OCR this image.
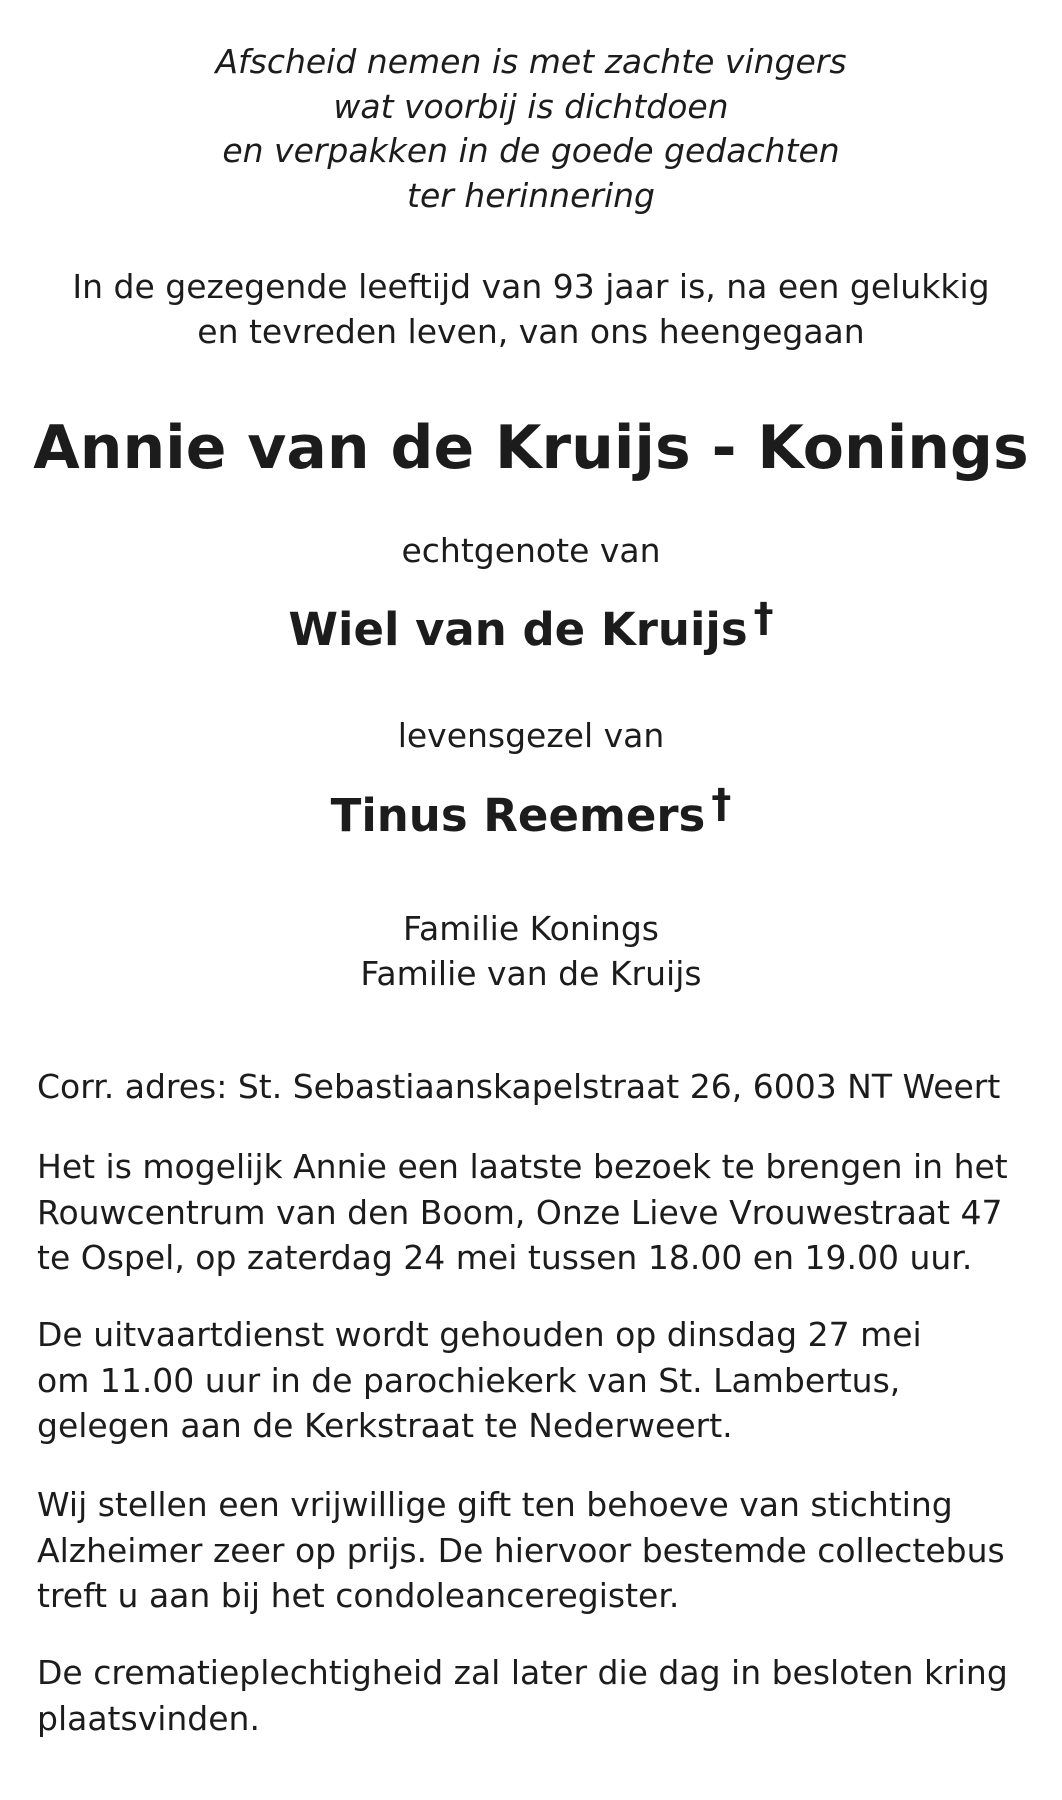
Afscheid nemen is met zachte vingers
wat voorbij is dichtdoen
en verpakken in de goede gedachten
ter herinnering
In de gezegende leeftijd van 93 jaar is, na een gelukkig
en tevreden leven, van ons heengegaan
Annie van de Kruijs - Konings
echtgenote van
Wiel van de Kruijs †
levensgezel van
Tinus Reemers †
Familie Konings
Familie van de Kruijs
Corr. adres: St. Sebastiaanskapelstraat 26, 6003 NT Weert
Het is mogelijk Annie een laatste bezoek te brengen in het
Rouwcentrum van den Boom, Onze Lieve Vrouwestraat 47
te Ospel, op zaterdag 24 mei tussen 18.00 en 19.00 uur.
De uitvaartdienst wordt gehouden op dinsdag 27 mei
om 11.00 uur in de parochiekerk van St. Lambertus,
gelegen aan de Kerkstraat te Nederweert.
Wij stellen een vrijwillige gift ten behoeve van stichting
Alzheimer zeer op prijs. De hiervoor bestemde collectebus
treft u aan bij het condoleanceregister.
De crematieplechtigheid zal later die dag in besloten kring
plaatsvinden.
